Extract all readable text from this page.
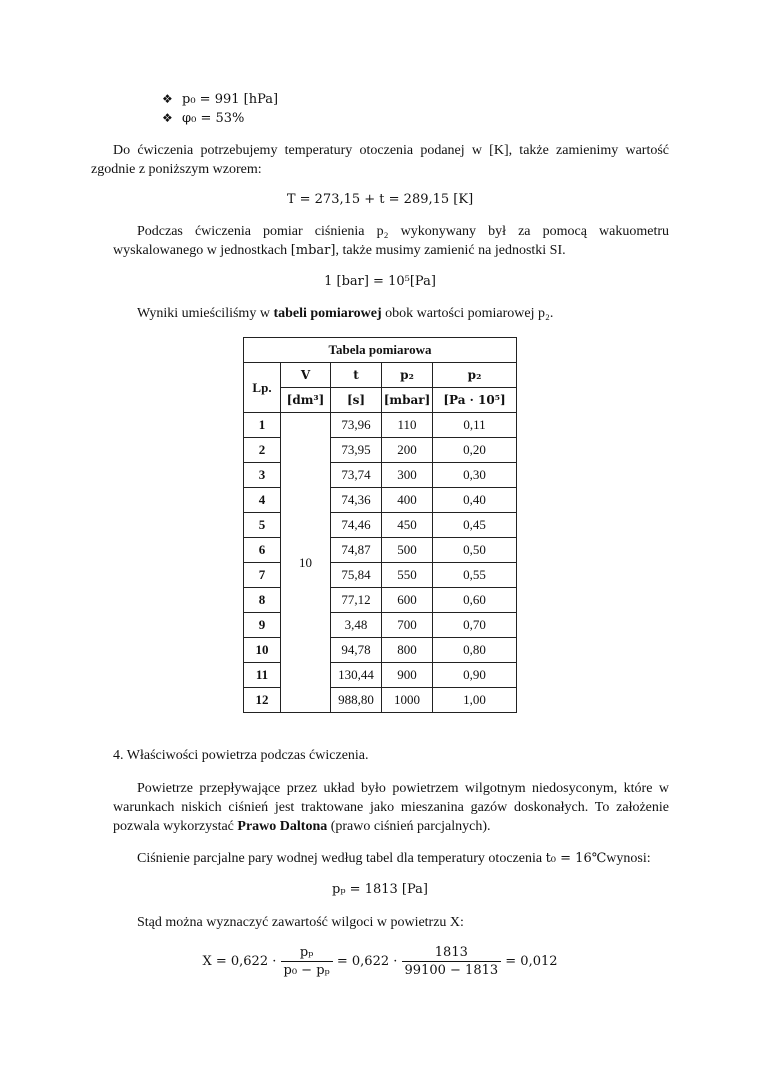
❖ p₀ = 991 [hPa]
❖ φ₀ = 53%

Do ćwiczenia potrzebujemy temperatury otoczenia podanej w [K], także zamienimy wartość

zgodnie z poniższym wzorem:

T = 273,15 + t = 289,15 [K]

Podczas ćwiczenia pomiar ciśnienia p₂ wykonywany był za pomocą wakuometru

wyskalowanego w jednostkach [mbar], także musimy zamienić na jednostki SI.

1 [bar] = 10⁵[Pa]

Wyniki umieściliśmy w tabeli pomiarowej obok wartości pomiarowej p₂.

Tabela pomiarowa				
Lp.	V	t	p₂	p₂
	[dm³]	[s]	[mbar]	[Pa · 10⁵]
1	10	73,96	110	0,11
2		73,95	200	0,20
3		73,74	300	0,30
4		74,36	400	0,40
5		74,46	450	0,45
6		74,87	500	0,50
7		75,84	550	0,55
8		77,12	600	0,60
9		3,48	700	0,70
10		94,78	800	0,80
11		130,44	900	0,90
12		988,80	1000	1,00

4. Właściwości powietrza podczas ćwiczenia.

Powietrze przepływające przez układ było powietrzem wilgotnym niedosyconym, które w

warunkach niskich ciśnień jest traktowane jako mieszanina gazów doskonałych. To założenie

pozwala wykorzystać Prawo Daltona (prawo ciśnień parcjalnych).

Ciśnienie parcjalne pary wodnej według tabel dla temperatury otoczenia t₀ = 16℃wynosi:

pₚ = 1813 [Pa]

Stąd można wyznaczyć zawartość wilgoci w powietrzu X:

$X = 0,622 \cdot \frac{\text{pₚ}}{\text{p₀ − pₚ}} = 0,622 \cdot \frac{1813}{99100 - 1813} = 0,012$
